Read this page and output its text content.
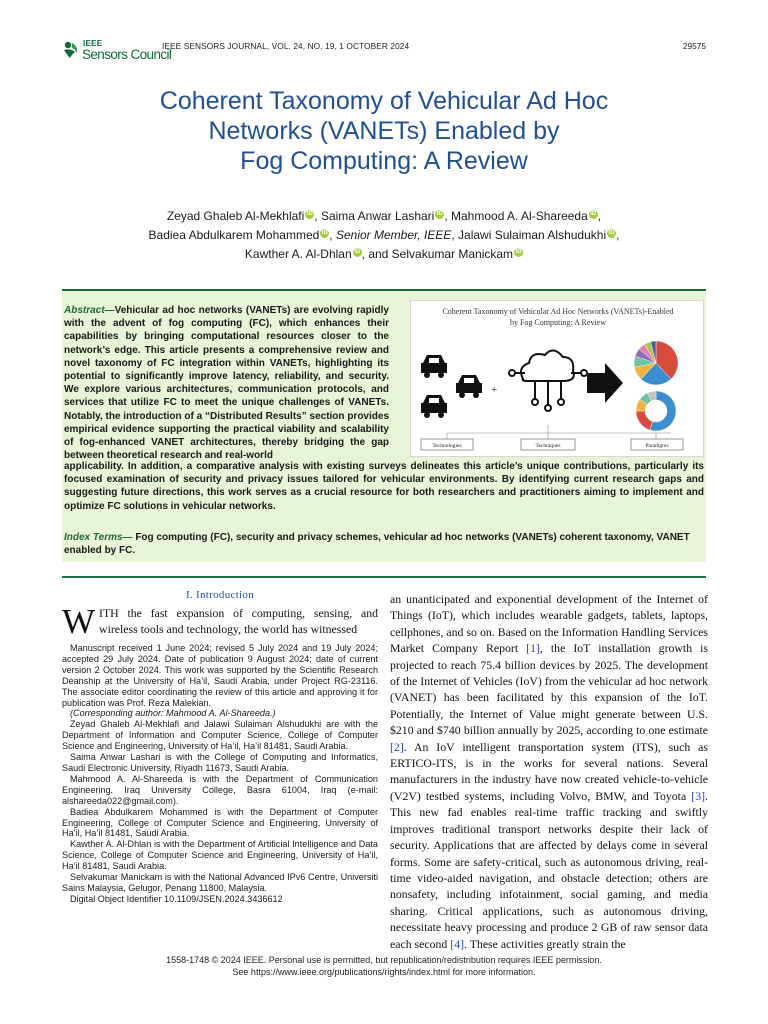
IEEE
Sensors Council
IEEE SENSORS JOURNAL, VOL. 24, NO. 19, 1 OCTOBER 2024	29575
Coherent Taxonomy of Vehicular Ad Hoc
Networks (VANETs) Enabled by
Fog Computing: A Review
Zeyad Ghaleb Al-Mekhlafi iD , Saima Anwar Lashari iD , Mahmood A. Al-Shareeda iD ,
Badiea Abdulkarem Mohammed iD , Senior Member, IEEE, Jalawi Sulaiman Alshudukhi iD ,
Kawther A. Al-Dhlan iD , and Selvakumar Manickam iD
Abstract—Vehicular ad hoc networks (VANETs) are evolving rapidly with the advent of fog computing (FC), which enhances their capabilities by bringing computational resources closer to the network’s edge. This article presents a comprehensive review and novel taxonomy of FC integration within VANETs, highlighting its potential to significantly improve latency, reliability, and security. We explore various architectures, communication protocols, and services that utilize FC to meet the unique challenges of VANETs. Notably, the introduction of a “Distributed Results” section provides empirical evidence supporting the practical viability and scalability of fog-enhanced VANET architectures, thereby bridging the gap between theoretical research and real-world
Coherent Taxonomy of Vehicular Ad Hoc Networks (VANETs)-Enabled
by Fog Computing: A Review
+
Technologies	Techniques	Paradigms
applicability. In addition, a comparative analysis with existing surveys delineates this article’s unique contributions, particularly its focused examination of security and privacy issues tailored for vehicular environments. By identifying current research gaps and suggesting future directions, this work serves as a crucial resource for both researchers and practitioners aiming to implement and optimize FC solutions in vehicular networks.
Index Terms— Fog computing (FC), security and privacy schemes, vehicular ad hoc networks (VANETs) coherent taxonomy, VANET enabled by FC.
I. Introduction
WITH the fast expansion of computing, sensing, and wireless tools and technology, the world has witnessed

Manuscript received 1 June 2024; revised 5 July 2024 and 19 July 2024; accepted 29 July 2024. Date of publication 9 August 2024; date of current version 2 October 2024. This work was supported by the Scientific Research Deanship at the University of Ha’il, Saudi Arabia, under Project RG-23116. The associate editor coordinating the review of this article and approving it for publication was Prof. Reza Malekian.

(Corresponding author: Mahmood A. Al-Shareeda.)

Zeyad Ghaleb Al-Mekhlafi and Jalawi Sulaiman Alshudukhi are with the Department of Information and Computer Science, College of Computer Science and Engineering, University of Ha’il, Ha’il 81481, Saudi Arabia.

Saima Anwar Lashari is with the College of Computing and Informatics, Saudi Electronic University, Riyadh 11673, Saudi Arabia.

Mahmood A. Al-Shareeda is with the Department of Communication Engineering, Iraq University College, Basra 61004, Iraq (e-mail: alshareeda022@gmail.com).

Badiea Abdulkarem Mohammed is with the Department of Computer Engineering, College of Computer Science and Engineering, University of Ha’il, Ha’il 81481, Saudi Arabia.

Kawther A. Al-Dhlan is with the Department of Artificial Intelligence and Data Science, College of Computer Science and Engineering, University of Ha’il, Ha’il 81481, Saudi Arabia.

Selvakumar Manickam is with the National Advanced IPv6 Centre, Universiti Sains Malaysia, Gelugor, Penang 11800, Malaysia.

Digital Object Identifier 10.1109/JSEN.2024.3436612

an unanticipated and exponential development of the Internet of Things (IoT), which includes wearable gadgets, tablets, laptops, cellphones, and so on. Based on the Information Handling Services Market Company Report [1], the IoT installation growth is projected to reach 75.4 billion devices by 2025. The development of the Internet of Vehicles (IoV) from the vehicular ad hoc network (VANET) has been facilitated by this expansion of the IoT. Potentially, the Internet of Value might generate between U.S. $210 and $740 billion annually by 2025, according to one estimate [2]. An IoV intelligent transportation system (ITS), such as ERTICO-ITS, is in the works for several nations. Several manufacturers in the industry have now created vehicle-to-vehicle (V2V) testbed systems, including Volvo, BMW, and Toyota [3]. This new fad enables real-time traffic tracking and swiftly improves traditional transport networks despite their lack of security. Applications that are affected by delays come in several forms. Some are safety-critical, such as autonomous driving, real-time video-aided navigation, and obstacle detection; others are nonsafety, including infotainment, social gaming, and media sharing. Critical applications, such as autonomous driving, necessitate heavy processing and produce 2 GB of raw sensor data each second [4]. These activities greatly strain the
1558-1748 © 2024 IEEE. Personal use is permitted, but republication/redistribution requires IEEE permission.
See https://www.ieee.org/publications/rights/index.html for more information.
